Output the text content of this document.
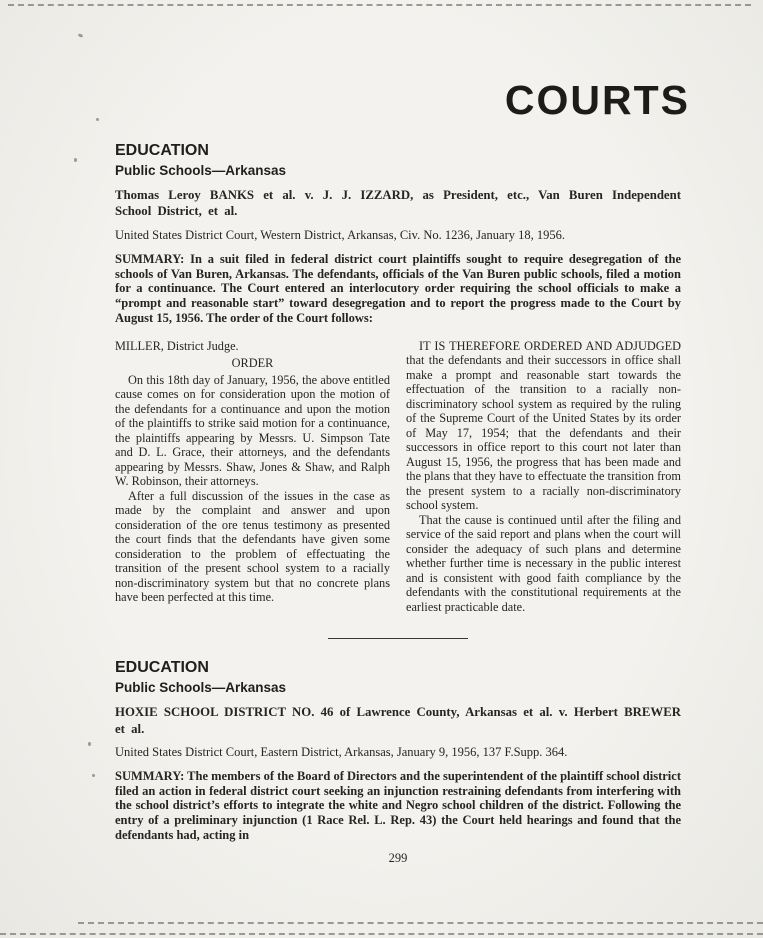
COURTS
EDUCATION
Public Schools—Arkansas

Thomas Leroy BANKS et al. v. J. J. IZZARD, as President, etc., Van Buren Independent School District, et al.

United States District Court, Western District, Arkansas, Civ. No. 1236, January 18, 1956.

SUMMARY: In a suit filed in federal district court plaintiffs sought to require desegregation of the schools of Van Buren, Arkansas. The defendants, officials of the Van Buren public schools, filed a motion for a continuance. The Court entered an interlocutory order requiring the school officials to make a “prompt and reasonable start” toward desegregation and to report the progress made to the Court by August 15, 1956. The order of the Court follows:

MILLER, District Judge.

ORDER

On this 18th day of January, 1956, the above entitled cause comes on for consideration upon the motion of the defendants for a continuance and upon the motion of the plaintiffs to strike said motion for a continuance, the plaintiffs appearing by Messrs. U. Simpson Tate and D. L. Grace, their attorneys, and the defendants appearing by Messrs. Shaw, Jones & Shaw, and Ralph W. Robinson, their attorneys.

After a full discussion of the issues in the case as made by the complaint and answer and upon consideration of the ore tenus testimony as presented the court finds that the defendants have given some consideration to the problem of effectuating the transition of the present school system to a racially non-discriminatory system but that no concrete plans have been perfected at this time.

IT IS THEREFORE ORDERED AND ADJUDGED that the defendants and their successors in office shall make a prompt and reasonable start towards the effectuation of the transition to a racially non-discriminatory school system as required by the ruling of the Supreme Court of the United States by its order of May 17, 1954; that the defendants and their successors in office report to this court not later than August 15, 1956, the progress that has been made and the plans that they have to effectuate the transition from the present system to a racially non-discriminatory school system.

That the cause is continued until after the filing and service of the said report and plans when the court will consider the adequacy of such plans and determine whether further time is necessary in the public interest and is consistent with good faith compliance by the defendants with the constitutional requirements at the earliest practicable date.

EDUCATION
Public Schools—Arkansas

HOXIE SCHOOL DISTRICT NO. 46 of Lawrence County, Arkansas et al. v. Herbert BREWER et al.

United States District Court, Eastern District, Arkansas, January 9, 1956, 137 F.Supp. 364.

SUMMARY: The members of the Board of Directors and the superintendent of the plaintiff school district filed an action in federal district court seeking an injunction restraining defendants from interfering with the school district’s efforts to integrate the white and Negro school children of the district. Following the entry of a preliminary injunction (1 Race Rel. L. Rep. 43) the Court held hearings and found that the defendants had, acting in

299
